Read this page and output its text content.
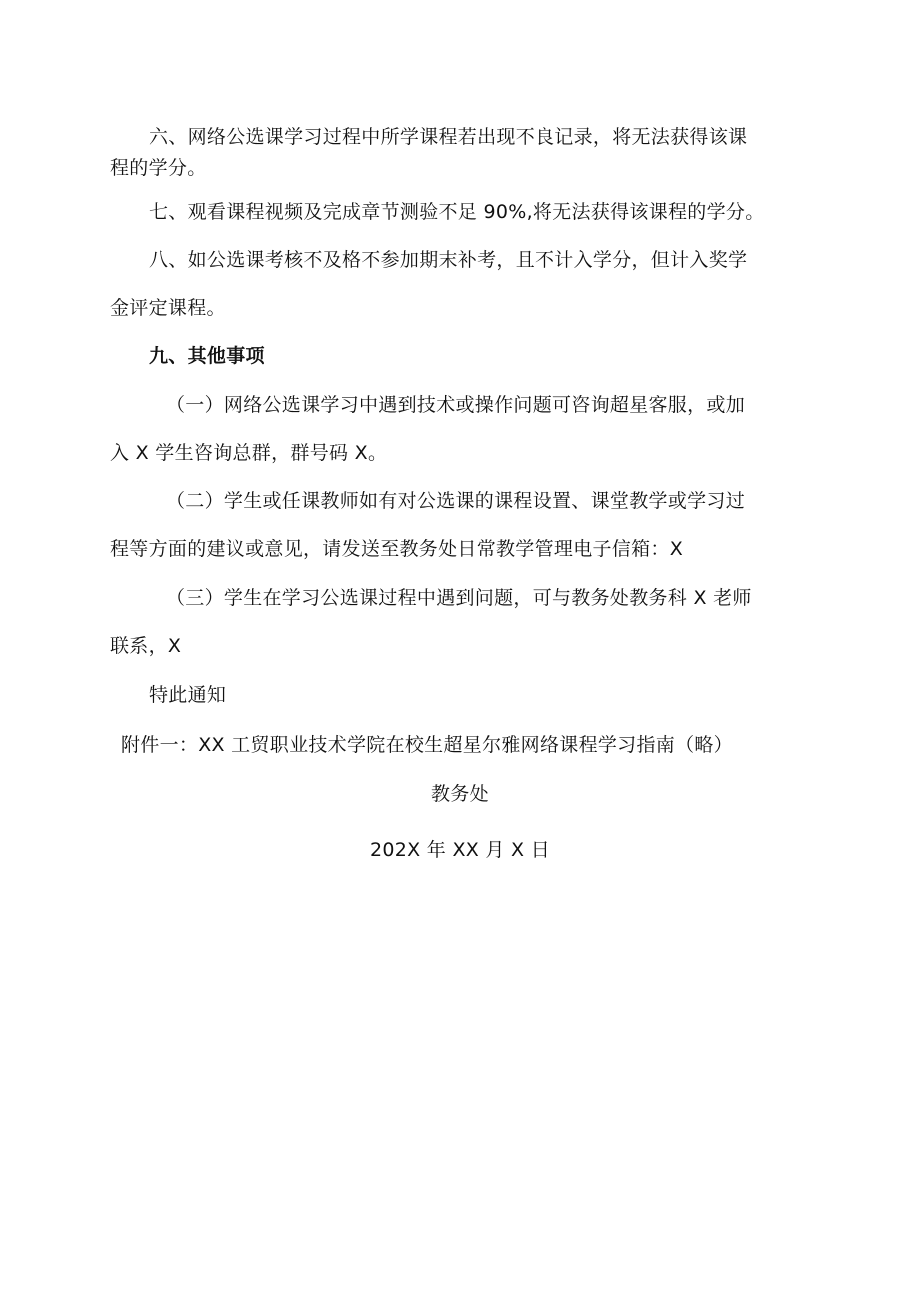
六、网络公选课学习过程中所学课程若出现不良记录，将无法获得该课
程的学分。
七、观看课程视频及完成章节测验不足 90%,将无法获得该课程的学分。
八、如公选课考核不及格不参加期末补考，且不计入学分，但计入奖学
金评定课程。
九、其他事项
（一）网络公选课学习中遇到技术或操作问题可咨询超星客服，或加
入 X 学生咨询总群，群号码 X。
（二）学生或任课教师如有对公选课的课程设置、课堂教学或学习过
程等方面的建议或意见，请发送至教务处日常教学管理电子信箱：X
（三）学生在学习公选课过程中遇到问题，可与教务处教务科 X 老师
联系，X
特此通知
附件一：XX 工贸职业技术学院在校生超星尔雅网络课程学习指南（略）
教务处
202X 年 XX 月 X 日
